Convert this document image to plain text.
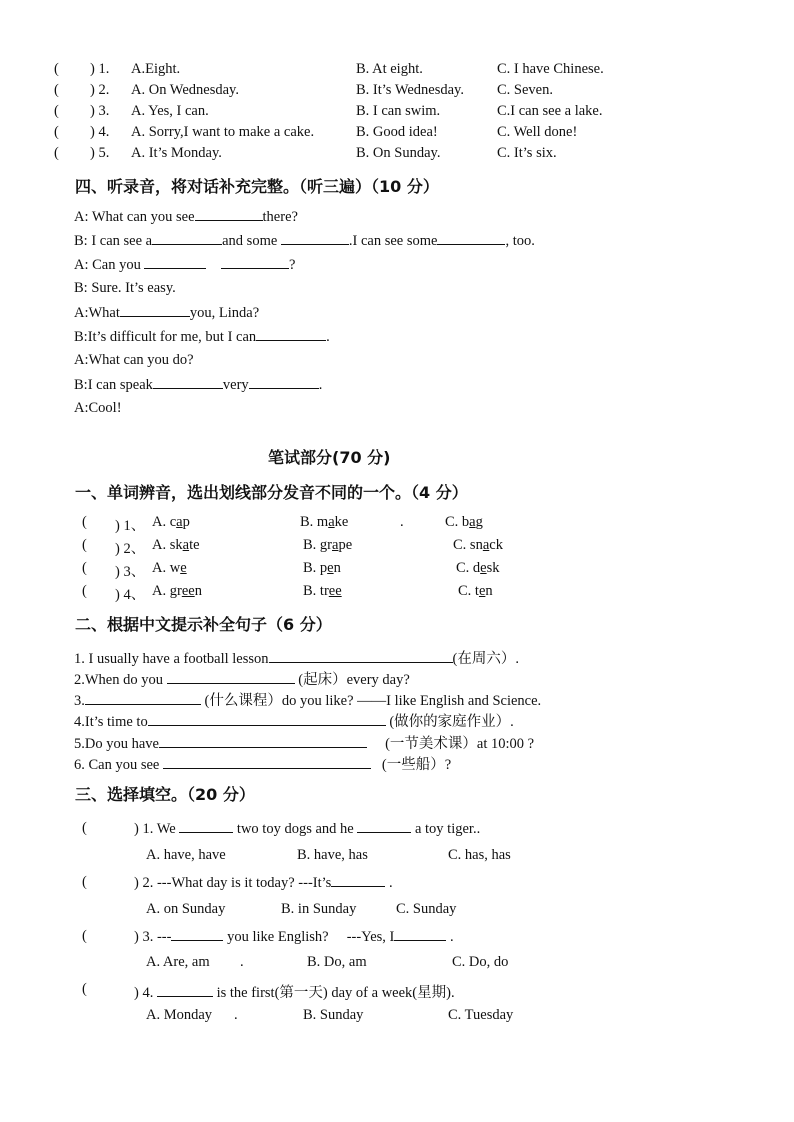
( ) 1. A.Eight.	B. At eight.	C. I have Chinese.
( ) 2. A. On Wednesday.	B. It’s Wednesday. C. Seven.
( ) 3. A. Yes, I can.	B. I can swim.	C.I can see a lake.
( ) 4. A. Sorry,I want to make a cake.	B. Good idea!	C. Well done!
( ) 5. A. It’s Monday.	B. On Sunday.	C. It’s six.
四、听录音，将对话补充完整。（听三遍）（10 分）
A: What can you see	there?
B: I can see a	and some	.I can see some	, too.
A: Can you	?
B: Sure. It’s easy.
A:What	you, Linda?
B:It’s difficult for me, but I can	.
A:What can you do?
B:I can speak	very	.
A:Cool!
笔试部分(70 分)
一、单词辨音，选出划线部分发音不同的一个。（4 分）
( ) 1、 A. cap	B. make	.	C. bag
( ) 2、 A. skate	B. grape	C. snack
( ) 3、 A. we	B. pen	C. desk
( ) 4、 A. green	B. tree	C. ten
二、根据中文提示补全句子（6 分）
1. I usually have a football lesson	(在周六）.
2.When do you	(起床）every day?
3.	(什么课程）do you like? ——I like English and Science.
4.It’s time to	(做你的家庭作业）.
5.Do you have	(一节美术课）at 10:00 ?
6. Can you see	(一些船）?
三、选择填空。（20 分）
(	) 1. We	two toy dogs and he	a toy tiger..
A. have, have	B. have, has	C. has, has
(	) 2. ---What day is it today? ---It’s	.
A. on Sunday	B. in Sunday	C. Sunday
(	) 3. ---	you like English?     ---Yes, I	.
A. Are, am .	B. Do, am	C. Do, do
(	) 4.	is the first(第一天) day of a week(星期).
A. Monday .	B. Sunday	C. Tuesday
